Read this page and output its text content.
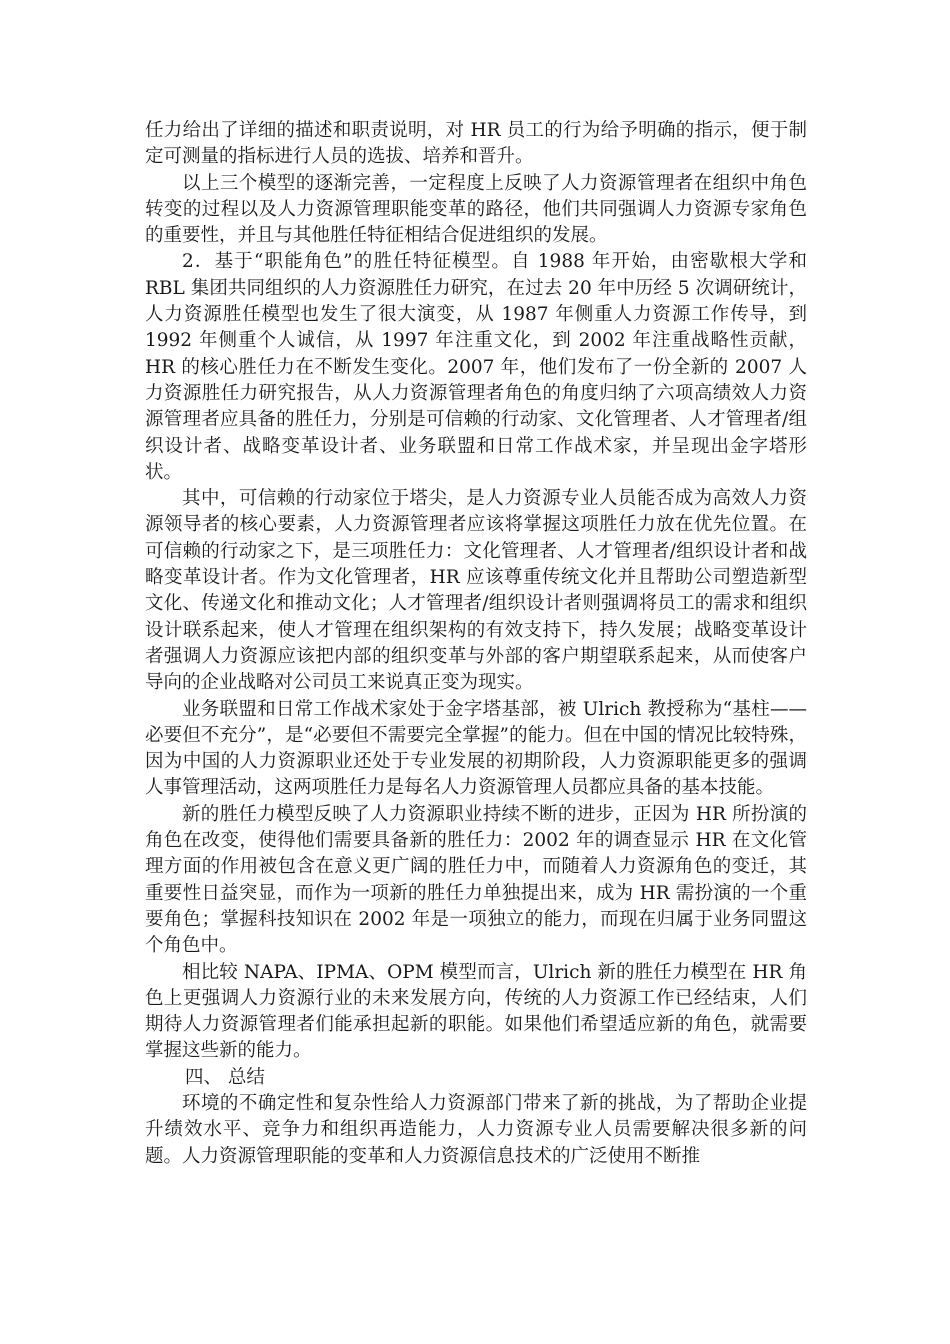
任力给出了详细的描述和职责说明，对 HR 员工的行为给予明确的指示，便于制定可测量的指标进行人员的选拔、培养和晋升。

以上三个模型的逐渐完善，一定程度上反映了人力资源管理者在组织中角色转变的过程以及人力资源管理职能变革的路径，他们共同强调人力资源专家角色的重要性，并且与其他胜任特征相结合促进组织的发展。

2．基于“职能角色”的胜任特征模型。自 1988 年开始，由密歇根大学和 RBL 集团共同组织的人力资源胜任力研究，在过去 20 年中历经 5 次调研统计，人力资源胜任模型也发生了很大演变，从 1987 年侧重人力资源工作传导，到 1992 年侧重个人诚信，从 1997 年注重文化，到 2002 年注重战略性贡献，HR 的核心胜任力在不断发生变化。2007 年，他们发布了一份全新的 2007 人力资源胜任力研究报告，从人力资源管理者角色的角度归纳了六项高绩效人力资源管理者应具备的胜任力，分别是可信赖的行动家、文化管理者、人才管理者/组织设计者、战略变革设计者、业务联盟和日常工作战术家，并呈现出金字塔形状。

其中，可信赖的行动家位于塔尖，是人力资源专业人员能否成为高效人力资源领导者的核心要素，人力资源管理者应该将掌握这项胜任力放在优先位置。在可信赖的行动家之下，是三项胜任力：文化管理者、人才管理者/组织设计者和战略变革设计者。作为文化管理者，HR 应该尊重传统文化并且帮助公司塑造新型文化、传递文化和推动文化；人才管理者/组织设计者则强调将员工的需求和组织设计联系起来，使人才管理在组织架构的有效支持下，持久发展；战略变革设计者强调人力资源应该把内部的组织变革与外部的客户期望联系起来，从而使客户导向的企业战略对公司员工来说真正变为现实。

业务联盟和日常工作战术家处于金字塔基部，被 Ulrich 教授称为“基柱——必要但不充分”，是“必要但不需要完全掌握”的能力。但在中国的情况比较特殊，因为中国的人力资源职业还处于专业发展的初期阶段，人力资源职能更多的强调人事管理活动，这两项胜任力是每名人力资源管理人员都应具备的基本技能。

新的胜任力模型反映了人力资源职业持续不断的进步，正因为 HR 所扮演的角色在改变，使得他们需要具备新的胜任力：2002 年的调查显示 HR 在文化管理方面的作用被包含在意义更广阔的胜任力中，而随着人力资源角色的变迁，其重要性日益突显，而作为一项新的胜任力单独提出来，成为 HR 需扮演的一个重要角色；掌握科技知识在 2002 年是一项独立的能力，而现在归属于业务同盟这个角色中。

相比较 NAPA、IPMA、OPM 模型而言，Ulrich 新的胜任力模型在 HR 角色上更强调人力资源行业的未来发展方向，传统的人力资源工作已经结束，人们期待人力资源管理者们能承担起新的职能。如果他们希望适应新的角色，就需要掌握这些新的能力。

四、 总结

环境的不确定性和复杂性给人力资源部门带来了新的挑战，为了帮助企业提升绩效水平、竞争力和组织再造能力，人力资源专业人员需要解决很多新的问题。人力资源管理职能的变革和人力资源信息技术的广泛使用不断推
